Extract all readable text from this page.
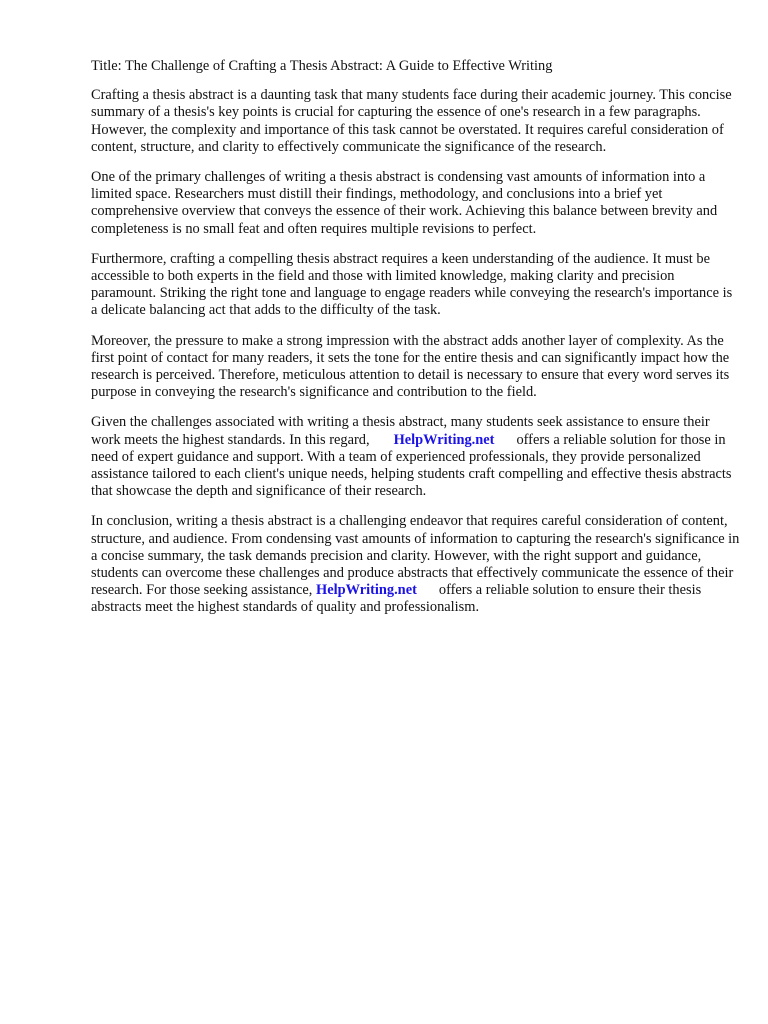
Title: The Challenge of Crafting a Thesis Abstract: A Guide to Effective Writing

Crafting a thesis abstract is a daunting task that many students face during their academic journey. This concise summary of a thesis's key points is crucial for capturing the essence of one's research in a few paragraphs. However, the complexity and importance of this task cannot be overstated. It requires careful consideration of content, structure, and clarity to effectively communicate the significance of the research.

One of the primary challenges of writing a thesis abstract is condensing vast amounts of information into a limited space. Researchers must distill their findings, methodology, and conclusions into a brief yet comprehensive overview that conveys the essence of their work. Achieving this balance between brevity and completeness is no small feat and often requires multiple revisions to perfect.

Furthermore, crafting a compelling thesis abstract requires a keen understanding of the audience. It must be accessible to both experts in the field and those with limited knowledge, making clarity and precision paramount. Striking the right tone and language to engage readers while conveying the research's importance is a delicate balancing act that adds to the difficulty of the task.

Moreover, the pressure to make a strong impression with the abstract adds another layer of complexity. As the first point of contact for many readers, it sets the tone for the entire thesis and can significantly impact how the research is perceived. Therefore, meticulous attention to detail is necessary to ensure that every word serves its purpose in conveying the research's significance and contribution to the field.

Given the challenges associated with writing a thesis abstract, many students seek assistance to ensure their work meets the highest standards. In this regard, HelpWriting.net offers a reliable solution for those in need of expert guidance and support. With a team of experienced professionals, they provide personalized assistance tailored to each client's unique needs, helping students craft compelling and effective thesis abstracts that showcase the depth and significance of their research.

In conclusion, writing a thesis abstract is a challenging endeavor that requires careful consideration of content, structure, and audience. From condensing vast amounts of information to capturing the research's significance in a concise summary, the task demands precision and clarity. However, with the right support and guidance, students can overcome these challenges and produce abstracts that effectively communicate the essence of their research. For those seeking assistance, HelpWriting.net offers a reliable solution to ensure their thesis abstracts meet the highest standards of quality and professionalism.
